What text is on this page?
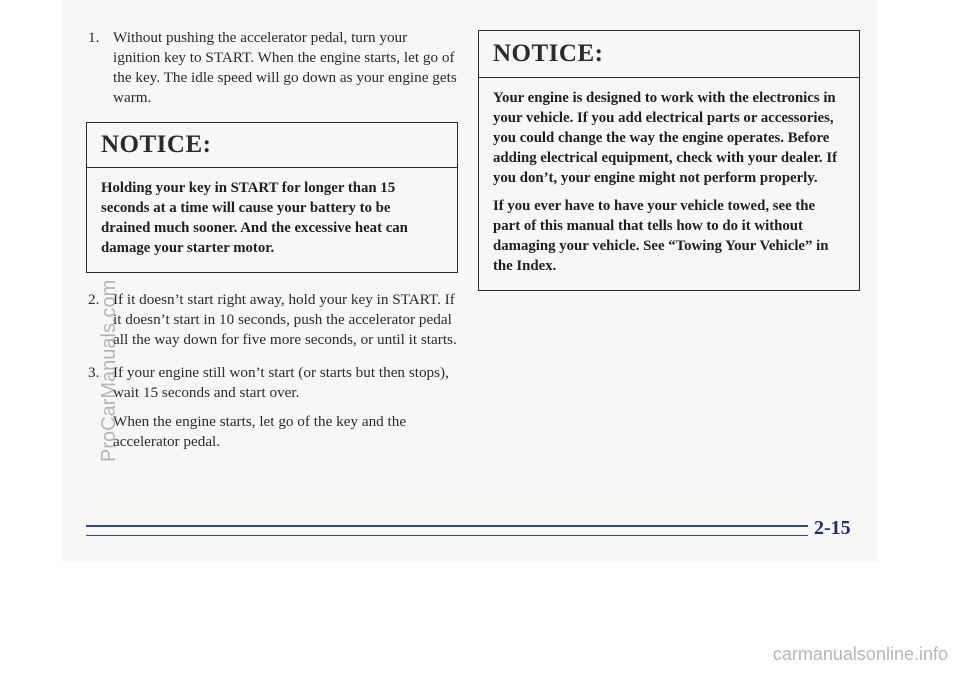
1. Without pushing the accelerator pedal, turn your ignition key to START. When the engine starts, let go of the key. The idle speed will go down as your engine gets warm.
NOTICE:

Holding your key in START for longer than 15 seconds at a time will cause your battery to be drained much sooner. And the excessive heat can damage your starter motor.

2. If it doesn’t start right away, hold your key in START. If it doesn’t start in 10 seconds, push the accelerator pedal all the way down for five more seconds, or until it starts.
3. If your engine still won’t start (or starts but then stops), wait 15 seconds and start over.

When the engine starts, let go of the key and the accelerator pedal.

NOTICE:

Your engine is designed to work with the electronics in your vehicle. If you add electrical parts or accessories, you could change the way the engine operates. Before adding electrical equipment, check with your dealer. If you don’t, your engine might not perform properly.

If you ever have to have your vehicle towed, see the part of this manual that tells how to do it without damaging your vehicle. See “Towing Your Vehicle” in the Index.

2-15
ProCarManuals.com
carmanualsonline.info
